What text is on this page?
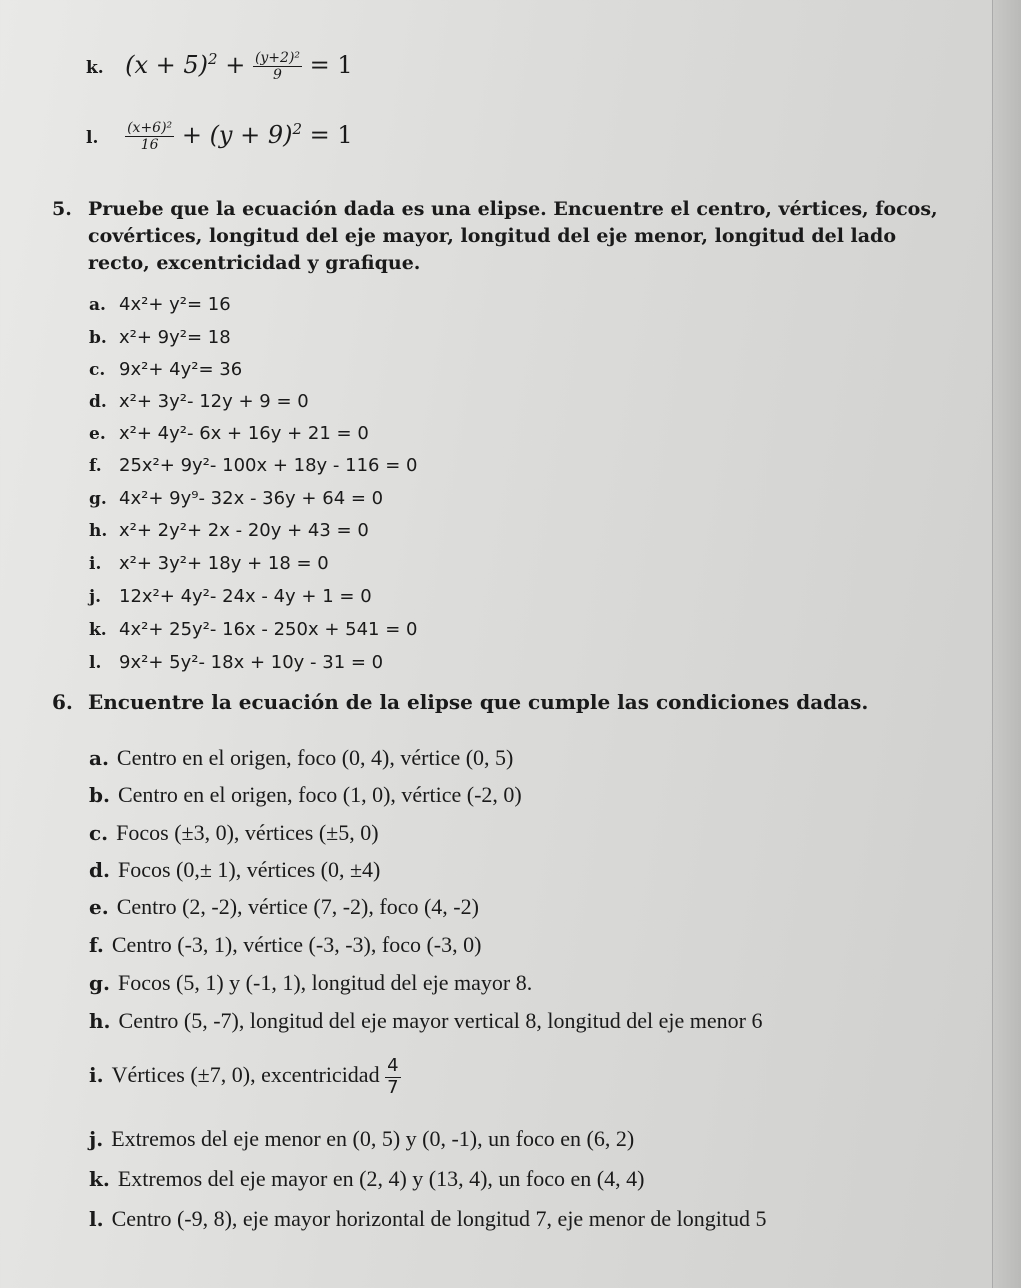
k. $(x + 5)^2 + \frac{\text{(y+2)²}}{9} = 1$
l. $\frac{\text{(x+6)²}}{16} + (y + 9)^2 = 1$
5. Pruebe que la ecuación dada es una elipse. Encuentre el centro, vértices, focos,
covértices, longitud del eje mayor, longitud del eje menor, longitud del lado
recto, excentricidad y grafique.
a. 4x²+ y²= 16
b. x²+ 9y²= 18
c. 9x²+ 4y²= 36
d. x²+ 3y²- 12y + 9 = 0
e. x²+ 4y²- 6x + 16y + 21 = 0
f. 25x²+ 9y²- 100x + 18y - 116 = 0
g. 4x²+ 9y⁹- 32x - 36y + 64 = 0
h. x²+ 2y²+ 2x - 20y + 43 = 0
i. x²+ 3y²+ 18y + 18 = 0
j. 12x²+ 4y²- 24x - 4y + 1 = 0
k. 4x²+ 25y²- 16x - 250x + 541 = 0
l. 9x²+ 5y²- 18x + 10y - 31 = 0
6. Encuentre la ecuación de la elipse que cumple las condiciones dadas.
a. Centro en el origen, foco (0, 4), vértice (0, 5)
b. Centro en el origen, foco (1, 0), vértice (-2, 0)
c. Focos (±3, 0), vértices (±5, 0)
d. Focos (0,± 1), vértices (0, ±4)
e. Centro (2, -2), vértice (7, -2), foco (4, -2)
f. Centro (-3, 1), vértice (-3, -3), foco (-3, 0)
g. Focos (5, 1) y (-1, 1), longitud del eje mayor 8.
h. Centro (5, -7), longitud del eje mayor vertical 8, longitud del eje menor 6
i. Vértices (±7, 0), excentricidad $\frac{4}{7}$
j. Extremos del eje menor en (0, 5) y (0, -1), un foco en (6, 2)
k. Extremos del eje mayor en (2, 4) y (13, 4), un foco en (4, 4)
l. Centro (-9, 8), eje mayor horizontal de longitud 7, eje menor de longitud 5
